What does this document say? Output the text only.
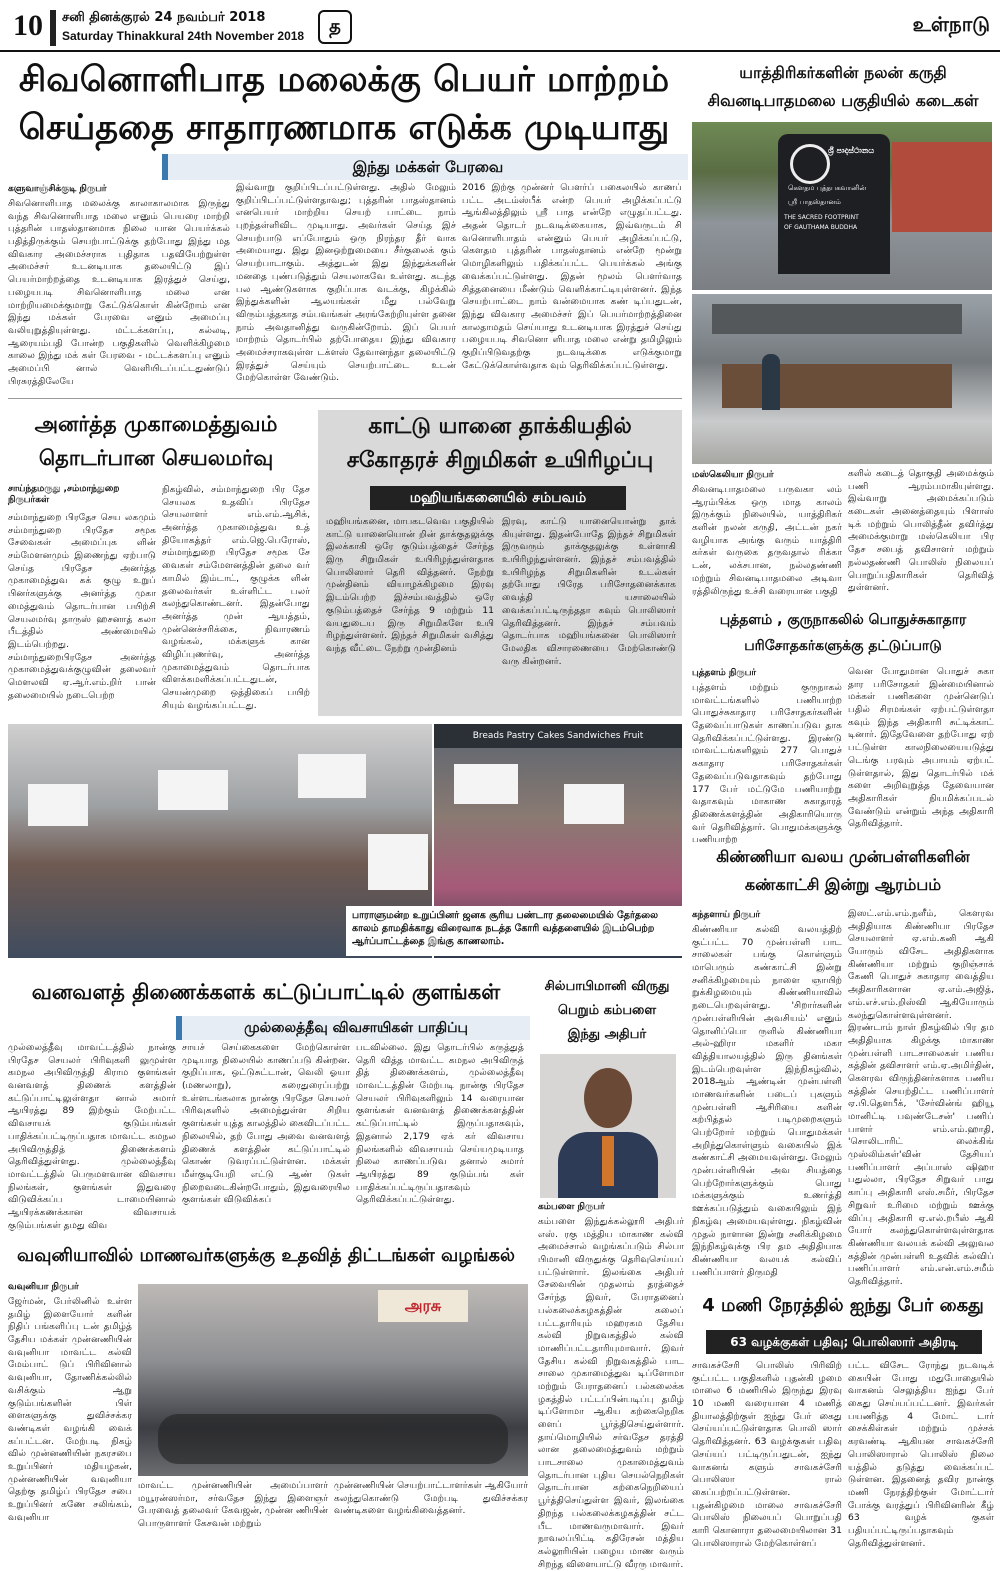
10	சனி தினக்குரல் 24 நவம்பர் 2018
Saturday Thinakkural 24th November 2018	த	உள்நாடு
சிவனொளிபாத மலைக்கு பெயர் மாற்றம்
செய்ததை சாதாரணமாக எடுக்க முடியாது
இந்து மக்கள் பேரவை
களுவாஞ்சிக்குடி நிருபர்
சிவனொளிபாத மலைக்கு காலாகாலமாக இருந்து வந்த சிவனொளிபாத மலை எனும் பெயரை மாற்றி புத்தரின் பாதஸ்தானமாக நிலை யான பெயர்க்கல் பதித்திருக்கும் செயற்பாட்டுக்கு தற்போது இந்து மத விவகார அமைச்சராக புதிதாக பதவியேற்றுள்ள அமைச்சர் உடனடியாக தலையிட்டு இப் பெயர்மாற்றத்தை உடனடியாக இரத்துச் செய்து, பழையபடி சிவனொளிபாத மலை என மாற்றியமைக்குமாறு கேட்டுக்கொள் கின்றோம் என இந்து மக்கள் பேரவை எனும் அமைப்பு வலியுறுத்தியுள்ளது. மட்டக்களப்பு, கல்லடி, ஆரையம்பதி போன்ற பகுதிகளில் வெளிக்கிழமை காலை இந்து மக் கள் பேரவை - மட்டக்களப்பு எனும் அமைப்பி னால் வெளியிடப்பட்டதுண்டுப் பிரசுரத்திலேயே
இவ்வாறு குறிப்பிடப்பட்டுள்ளது. அதில் மேலும் குறிப்பிடப்பட்டுள்ளதாவது; புத்தரின் பாதஸ்தானம் எனபெயர் மாற்றிய செயற் பாட்டை நாம் புறந்தள்ளிவிட முடியாது. அவர்கள் செய்த இச் செயற்பாடு எப்போதும் ஒரு நிரந்தர தீர் வாக அமையாது. இது இனஒற்றுமையை சீர்குலைக் கும் செயற்பாடாகும். அத்துடன் இது இந்துக்களின் மனதை புண்படுத்தும் செயலாகவே உள்ளது. கடந்த பல ஆண்டுகளாக குறிப்பாக வடக்கு, கிழக்கில் இந்துக்களின் ஆலயங்கள் மீது பல்வேறு விரும்பத்தகாத சம்பவங்கள் அரங்கேற்றியுள்ள தனை நாம் அவதானித்து வருகின்றோம். இப் பெயர் மாற்றம் தொடர்பில் தற்போதைய இந்து விவகார அமைச்சராகவுள்ள டக்ளஸ் தேவானந்தா தலையிட்டு இரத்துச் செய்யும் செயற்பாட்டை உடன் மேற்கொள்ள வேண்டும்.
2016 இற்கு முன்னர் பௌர்ப் பகைலயில் காணப் பட்ட அடம்ஸ்பீக் என்ற பெயர் அழிக்கப்பட்டு ஆங்கிலத்திலும் ஸ்ரீ பாத என்றே எழுதப்பட்டது. அதன் தொடர் நடவடிக்கையாக, இவ்வருடம் சி வனொளிபாதம் என்னும் பெயர் அழிக்கப்பட்டு, கௌதம புத்தரின் பாதஸ்தானம் என்றே மூன்று மொழிகளிலும் பதிக்கப்பட்ட பெயர்க்கல் அங்கு வைக்கப்பட்டுள்ளது. இதன் மூலம் பௌர்வாத சித்தனையை மீண்டும் வெளிக்காட்டியுள்ளனர். இந்த செயற்பாட்டை நாம் வன்மையாக கண் டிப்பதுடன், இந்து விவகார அமைச்சர் இப் பெயர்மாற்றத்தினை காலதாமதம் செய்யாது உடனடியாக இரத்துச் செய்து பழையபடி சிவனொ ளிபாத மலை என்று தமிழிலும் குறிப்பிடுவதற்கு நடவடிக்கை எடுக்குமாறு கேட்டுக்கொள்வதாக வும் தெரிவிக்கப்பட்டுள்ளது.
அனர்த்த முகாமைத்துவம்
தொடர்பான செயலமர்வு
சாய்ந்தமருது ,சம்மாந்துறை நிருபர்கள்
சம்மாந்துறை பிரதேச செய லகமும் சம்மாந்துறை பிரதேச சமூக சேவைகள் அமைப்புக ளின் சம்மேளனமும் இணைந்து ஏற்பாடு செய்த பிரதேச அனர்த்த முகாமைத்துவ கக் குழு உறுப் பினர்களுக்கு அனர்த்த முகா மைத்துவம் தொடர்பான பயிற்சி செயலமர்வு தாருஸ் ஹசனாத் கலா பீடத்தில் அண்மையில் இடம்பெற்றது. சம்மாந்துறைபிரதேச அனர்த்த முகாமைத்துவக்குழுவின் தலைவர் மௌலவி ஏ.ஆர்.எம்.றிர் பான் தலைமையில் நடைபெற்ற
நிகழ்வில், சம்மாந்துறை பிர தேச செயலக உதவிப் பிரதேச செயலாளர் எம்.எம்.ஆசிக், அனர்த்த முகாமைத்துவ உத் தியோகத்தர் எம்.ஜெ.பெரோஸ், சம்மாந்துறை பிரதேச சமூக சே வைகள் சம்மேளனத்தின் தலை வர் காமில் இம்டாட், குழுக்க ளின் தலைவர்கள் உள்ளிட்ட பலர் கலந்துகொண்டனர். இதன்போது அனர்த்த முன் ஆயத்தம், முன்னெச்சரிக்கை, நிவாரணம் வழங்கல், மக்களுக் கான விழிப்புணர்வு, அனர்த்த முகாமைத்துவம் தொடர்பாக விளக்கமளிக்கப்பட்டதுடன், செயன்முறை ஒத்திகைப் பயிற் சியும் வழங்கப்பட்டது.
காட்டு யானை தாக்கியதில்
சகோதரச் சிறுமிகள் உயிரிழப்பு
மஹியங்கனையில் சம்பவம்
மஹியங்கனை, மாபகடவெவ பகுதியில் காட்டு யானையொன் றின் தாக்குதலுக்கு இலக்காகி ஒரே குடும்பத்தைச் சேர்ந்த இரு சிறுமிகள் உயிரிழந்துள்ளதாக பொலிஸார் தெரி வித்தனர். நேற்று முன்தினம் வியாழக்கிழமை இரவு இடம்பெற்ற இச்சம்பவத்தில் ஒரே குடும்பத்தைச் சேர்ந்த 9 மற்றும் 11 வயதுடைய இரு சிறுமிகளே உயி ரிழந்துள்ளனர். இந்தச் சிறுமிகள் வசித்து வந்த வீட்டை நேற்று முன்தினம்
இரவு, காட்டு யானையொன்று தாக் கியுள்ளது. இதன்போதே இந்தச் சிறுமிகள் இருவரும் தாக்குதலுக்கு உள்ளாகி உயிரிழந்துள்ளனர். இந்தச் சம்பவத்தில் உயிரிழந்த சிறுமிகளின் உடல்கள் தற்போது பிரேத பரிசோதனைக்காக வைத்தி யசாலையில் வைக்கப்பட்டிருந்ததா கவும் பொலிஸார் தெரிவித்தனர். இந்தச் சம்பவம் தொடர்பாக மஹியங்கனை பொலிஸார் மேலதிக விசாரணையை மேற்கொண்டு வரு கின்றனர்.
யாத்திரிகர்களின் நலன் கருதி
சிவனடிபாதமலை பகுதியில் கடைகள்
ශ්‍රී පාදස්ථානය
கௌதம புத்தபகவானின்
ஸ்ரீ பாதஸ்தானம்
THE SACRED FOOTPRINT
OF GAUTHAMA BUDDHA
மஸ்கெலியா நிருபர்
சிவனடிபாதமலை பருவகா லம் ஆரம்பிக்க ஒரு மாத காலம் இருக்கும் நிலையில், யாத்திரிகர் களின் நலன் கருதி, அட்டன் நகர் வழியாக அங்கு வரும் யாத்திரி கர்கள் வருகை தருவதால் ரிக்கா டன், லக்சபான, நல்லதண்ணி மற்றும் சிவனடிபாதமலை அடிவா ரத்திலிருந்து உச்சி வரையான பகுதி
களில் கடைத் தொகுதி அமைக்கும் பணி ஆரம்பமாகியுள்ளது. இவ்வாறு அமைக்கப்படும் கடைகள் அனைத்தையும் பிளாஸ் டிக் மற்றும் பொலித்தீன் தவிர்த்து அமைக்குமாறு மஸ்கெலியா பிர தேச சபைத் தவிசாளர் மற்றும் நல்லதண்ணி பொலிஸ் நிலையப் பொறுப்பதிகாரிகள் தெரிவித் துள்ளனர்.
புத்தளம் , குருநாகலில் பொதுச்சுகாதார
பரிசோதகர்களுக்கு தட்டுப்பாடு
புத்தளம் நிருபர்
புத்தளம் மற்றும் குருநாகல் மாவட்டங்களில் பணியாற்ற பொதுச்சுகாதார பரிசோதகர்களின் தேவைப்பாடுகள் காணப்படுவ தாக தெரிவிக்கப்பட்டுள்ளது. இரண்டு மாவட்டங்களிலும் 277 பொதுச் சுகாதார பரிசோதகர்கள் தேவைப்படுவதாகவும் தற்போது 177 பேர் மட்டுமே பணியாற்று வதாகவும் மாகாண சுகாதாரத் திணைக்களத்தின் அதிகாரியொரு வர் தெரிவித்தார். பொதுமக்களுக்கு பணியாற்ற
வென போதுமான பொதுச் சுகா தார பரிசோதகர் இன்மையினால் மக்கள் பணிகளை முன்னெடுப் பதில் சிரமங்கள் ஏற்பட்டுள்ளதா கவும் இந்த அதிகாரி சுட்டிக்காட் டினார். இதேவேளை தற்போது ஏற் பட்டுள்ள காலநிலையையடுத்து டெங்கு பரவும் அபாயம் ஏற்பட் டுள்ளதால், இது தொடர்பில் மக் களை அறிவுறுத்த தேவையான அதிகாரிகள் நியமிக்கப்படல் வேண்டும் என்றும் அந்த அதிகாரி தெரிவித்தார்.
Breads Pastry Cakes Sandwiches Fruit
பாராளுமன்ற உறுப்பினர் ஜனக சூரிய பண்டார தலைமையில் தேர்தலை காலம் தாமதிக்காது விரைவாக நடத்த கோரி வத்தளையில் இடம்பெற்ற ஆர்ப்பாட்டத்தை இங்கு காணலாம்.
கிண்ணியா வலய முன்பள்ளிகளின்
கண்காட்சி இன்று ஆரம்பம்
கந்தளாய் நிருபர்
கிண்ணியா கல்வி வலயத்திற் குட்பட்ட 70 முன்பள்ளி பாட சாலைகள் பங்கு கொள்ளும் மாபெரும் கண்காட்சி இன்று சனிக்கிழமையும் நாளை ஞாயிற் றுக்கிழமையும் கிண்ணியாவில் நடைபெறவுள்ளது. 'சிறார்களின் முன்பள்ளியின் அவசியம்' எனும் தொனிப்பொ ருளில் கிண்ணியா அல்-ஹிரா மகளிர் மகா வித்தியாலயத்தில் இரு தினங்கள் இடம்பெறவுள்ள இந்நிகழ்வில், 2018ஆம் ஆண்டின் முன்பள்ளி மாணவர்களின் படைப் புகளும் முன்பள்ளி ஆசிரியை களின் கற்பித்தல் படிமுறைகளும் பெற்றோர் மற்றும் பொதுமக்கள் அறிந்துகொள்ளும் வகையில் இக் கண்காட்சி அமையவுள்ளது. மேலும் முன்பள்ளியின் அவ சியத்தை பெற்றோர்களுக்கும் பொது மக்களுக்கும் உணர்த்தி ஊக்கப்படுத்தும் வகையிலும் இந் நிகழ்வு அமையவுள்ளது. நிகழ்வின் முதல் நாளான இன்று சனிக்கிழமை இந்நிகழ்வுக்கு பிர தம அதிதியாக கிண்ணியா வலயக் கல்விப் பணிப்பாளர் திருமதி
இஸட்.எம்.எம்.நளீம், கௌரவ அதிதியாக கிண்ணியா பிரதேச செயலாளர் ஏ.எம்.கனி ஆகி யோரும் விசேட அதிதிகளாக கிண்ணியா மற்றும் குறிஞ்சாக் கேணி பொதுச் சுகாதார வைத்திய அதிகாரிகளான ஏ.எம்.அஜித், எம்.எச்.எம்.றிஸ்வி ஆகியோரும் கலந்துகொள்ளவுள்ளனர். இரண்டாம் நாள் நிகழ்வில் பிர தம அதிதியாக கிழக்கு மாகாண முன்பள்ளி பாடசாலைகள் பணிய கத்தின் தவிசாளர் எம்.ஏ.அமிர்தின், கௌரவ விருந்தினர்களாக பணிய கத்தின் செயற்திட்ட பணிப்பாளர் ஏ.பி.தௌபீக், 'சேர்வின்ங் ஹியூ மானிட்டி பவுண்டேசன்' பணிப் பாளர் எம்.எம்.ஹாதி, 'சொலிடாரிட் லைக்கிங் முஸ்லிம்கள்'வின் தேசியப் பணிப்பாளர் அப்பாஸ் ஷிஹா பதுல்லா, பிரதேச சிறுவர் பாது காப்பு அதிகாரி எஸ்.சமீர், பிரதேச சிறுவர் உரிமை மற்றும் ஊக்கு விப்பு அதிகாரி ஏ.எல்.றபீஸ் ஆகி யோர் கலந்துகொள்ளவுள்ளதாக கிண்ணியா வலயக் கல்வி அலுவல கத்தின் முன்பள்ளி உதவிக் கல்விப் பணிப்பாளர் எம்.என்.எம்.சமீம் தெரிவித்தார்.
வனவளத் திணைக்களக் கட்டுப்பாட்டில் குளங்கள்
முல்லைத்தீவு விவசாயிகள் பாதிப்பு
முல்லைத்தீவு மாவட்டத்தில் நான்கு பிரதேச செயலர் பிரிவுகளி லுமுள்ள கமநல அபிவிருத்தி கிராம குளங்கள் வனவளத் திணைக் களத்தின் கட்டுப்பாட்டிலுள்ளதா னால் சுமார் ஆயிரத்து 89 இற்கும் மேற்பட்ட விவசாயக் குடும்பங்கள் பாதிக்கப்பட்டிருப்பதாக மாவட்ட கமநல அபிவிருத்தித் திணைக்களம் தெரிவித்துள்ளது. முல்லைத்தீவு மாவட்டத்தில் பெருமளவான விவசாய நிலங்கள், குளங்கள் இதுவரை விடுவிக்கப்ப டாமையினால் ஆயிரக்கணக்கான விவசாயக் குடும்பங்கள் தமது விவ
சாயச் செய்கைகளை மேற்கொள்ள முடியாத நிலையில் காணப்படு கின்றன. குறிப்பாக, ஒட்டுசுட்டான், வெலி ஓயா (மணலாறு), கரைதுரைப்பற்று உள்ளடங்கலாக நான்கு பிரதேச செயலர் பிரிவுகளில் அமைந்துள்ள சிறிய குளங்கள் யுத்த காலத்தில் கைவிடப்பட்ட நிலையில், தற் போது அவை வனவளத் திணைக் களத்தின் கட்டுப்பாட்டில் கொண் டுவரப்பட்டுள்ளன. மக்கள் மீள்குடியேறி எட்டு ஆண் டுகள் நிறைவடைகின்றபோதும், இதுவரையில குளங்கள் விடுவிக்கப்
படவில்லை. இது தொடர்பில் கருத்துத் தெரி வித்த மாவட்ட கமநல அபிவிருத் தித் திணைக்களம், முல்லைத்தீவு மாவட்டத்தின் மேற்படி நான்கு பிரதேச செயலர் பிரிவுகளிலும் 14 வரையான குளங்கள் வனவளத் திணைக்களத்தின் கட்டுப்பாட்டில் இருப்பதாகவும், இதனால் 2,179 ஏக் கர் விவசாய நிலங்களில் விவசாயம் செய்யமுடியாத நிலை காணப்படுவ தனால் சுமார் ஆயிரத்து 89 குடும்பங் கள் பாதிக்கப்பட்டிருப்பதாகவும் தெரிவிக்கப்பட்டுள்ளது.
சில்பாபிமானி விருது
பெறும் கம்பளை
இந்து அதிபர்
கம்பளை நிருபர்
கம்பளை இந்துக்கல்லூரி அதிபர் எஸ். ரகு மத்திய மாகாண கல்வி அமைச்சால் வழங்கப்படும் சில்பா பிமானி விருதுக்கு தெரிவுசெய்யப் பட்டுள்ளார். இலங்கை அதிபர் சேவையின் முதலாம் தரத்தைச் சேர்ந்த இவர், பேராதனைப் பல்கலைக்கழகத்தின் கலைப் பட்டதாரியும் மஹரகம தேசிய கல்வி நிறுவகத்தில் கல்வி மாணிப்பட்டதாரியுமாவார். இவர் தேசிய கல்வி நிறுவகத்தில் பாட சாலை முகாமைத்துவ டிப்ளோமா மற்றும் பேராதனைப் பல்கலைக்க ழகத்தில் பட்டப்பின்படிப்பு தமிழ் டிப்ளோமா ஆகிய கற்கைநெறிக ளைப் பூர்த்திசெய்துள்ளார். தாய்மொழியில் சர்வதேச தரத்தி லான தலைமைத்துவம் மற்றும் பாடசாலை முகாமைத்துவம் தொடர்பான புதிய செயல்நெறிகள் தொடர்பான கற்கைநெறியைப் பூர்த்திசெய்துள்ள இவர், இலங்கை திறந்த பல்கலைக்கழகத்தின் சட்ட பீட மாணவருமாவார். இவர் நாவலப்பிட்டி கதிரேசன் மத்திய கல்லூரியின் பழைய மாண வரும் சிறந்த விளையாட்டு வீரரு மாவார்.
வவுனியாவில் மாணவர்களுக்கு உதவித் திட்டங்கள் வழங்கல்
வவுனியா நிருபர்
ஜேர்மன், பேர்லினில் உள்ள தமிழ் இளையோர் களின் நிதிப் பங்களிப்பு டன் தமிழ்த் தேசிய மக்கள் முன்னணியின் வவுனியா மாவட்ட கல்வி மேம்பாட் டுப் பிரிவினால் வவுனியா, தோணிக்கல்லில் வசிக்கும் ஆறு குடும்பங்களின் பிள் ளைகளுக்கு துவிச்சக்கர வண்டிகள் வழங்கி வைக் கப்பட்டன. மேற்படி நிகழ் வில் முன்னணியின் நகரசபை உறுப்பினர் மதியழகன், முன்னணியின் வவுனியா தெற்கு தமிழ்ப் பிரதேச சபை உறுப்பினர் கணே சலிங்கம், வவுனியா
அரசு
மாவட்ட முன்னணியின் அமைப்பாளர் மயூரன்ஸர்மா, சர்வதேச இந்து இளைஞர் பேரவைத் தலைவர் கேவஜன், முன்ன ணியின் பொருளாளர் கேசவன் மற்றும்
முன்னணியின் செயற்பாட்டாளர்கள் ஆகியோர் கலந்துகொண்டு மேற்படி துவிச்சக்கர வண்டிகளை வழங்கிவைத்தனர்.
4 மணி நேரத்தில் ஐந்து பேர் கைது
63 வழக்குகள் பதிவு; பொலிஸார் அதிரடி
சாவகச்சேரி பொலிஸ் பிரிவிற் குட்பட்ட பகுதிகளில் புதன்கி ழமை மாலை 6 மணியில் இருந்து இரவு 10 மணி வரையான 4 மணித் தியாலத்திற்குள் ஐந்து பேர் கைது செய்யப்பட்டுள்ளதாக பொலி ஸார் தெரிவித்தனர். 63 வழக்குகள் பதிவு செய்யப் பட்டிருப்பதுடன், ஐந்து வாகனங் களும் சாவகச்சேரி பொலிஸா ரால் கைப்பற்றப்பட்டுள்ளன. புதன்கிழமை மாலை சாவகச்சேரி பொலிஸ் நிலையப் பொறுப்பதி காரி கொனாரா தலைமையிலான 31 பொலிஸாரால் மேற்கொள்ளப்
பட்ட விசேட ரோந்து நடவடிக் கையின் போது மதுபோதையில் வாகனம் செலுத்திய ஐந்து பேர் கைது செய்யப்பட்டனர். இவர்கள் பயணித்த 4 மோட் டார் சைக்கிள்கள் மற்றும் முச்சக் கரவண்டி ஆகியன சாவகச்சேரி பொலிஸாரால் பொலிஸ் நிலை யத்தில் தடுத்து வைக்கப்பட் டுள்ளன. இதனைத் தவிர நான்கு மணி நேரத்திற்குள் மோட்டார் போக்கு வரத்துப் பிரிவினரின் கீழ் 63 வழக் குகள் பதியப்பட்டிருப்பதாகவும் தெரிவித்துள்ளனர்.
